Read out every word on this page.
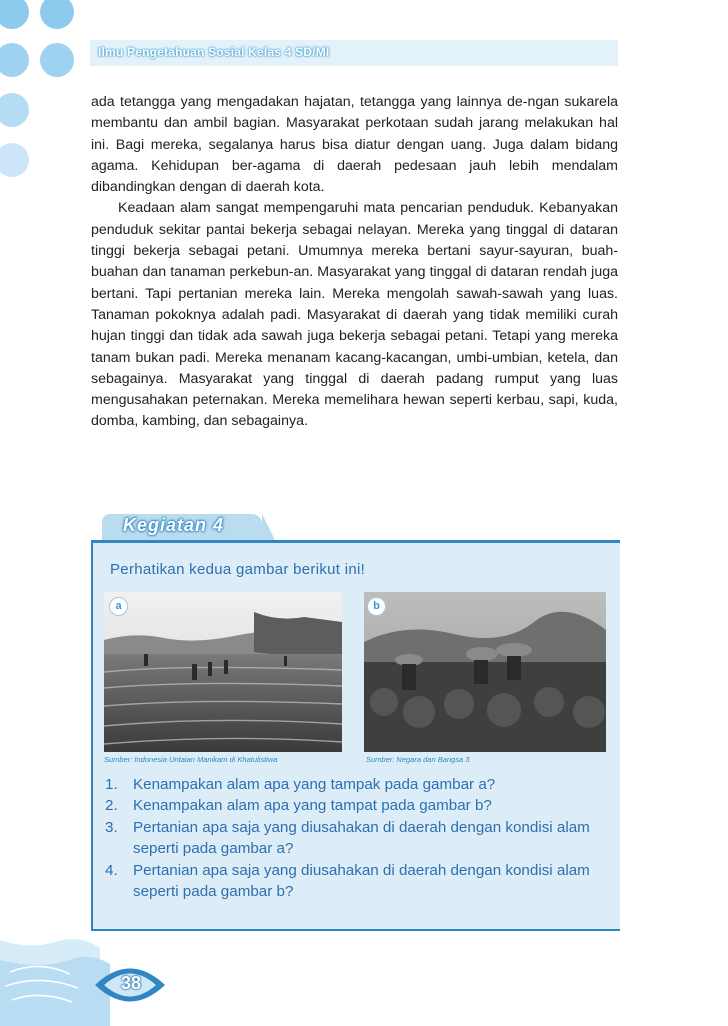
Ilmu Pengetahuan Sosial Kelas 4 SD/MI

ada tetangga yang mengadakan hajatan, tetangga yang lainnya de-ngan sukarela membantu dan ambil bagian. Masyarakat perkotaan sudah jarang melakukan hal ini. Bagi mereka, segalanya harus bisa diatur dengan uang. Juga dalam bidang agama. Kehidupan ber-agama di daerah pedesaan jauh lebih mendalam dibandingkan dengan di daerah kota.

Keadaan alam sangat mempengaruhi mata pencarian penduduk. Kebanyakan penduduk sekitar pantai bekerja sebagai nelayan. Mereka yang tinggal di dataran tinggi bekerja sebagai petani. Umumnya mereka bertani sayur-sayuran, buah-buahan dan tanaman perkebun-an. Masyarakat yang tinggal di dataran rendah juga bertani. Tapi pertanian mereka lain. Mereka mengolah sawah-sawah yang luas. Tanaman pokoknya adalah padi. Masyarakat di daerah yang tidak memiliki curah hujan tinggi dan tidak ada sawah juga bekerja sebagai petani. Tetapi yang mereka tanam bukan padi. Mereka menanam kacang-kacangan, umbi-umbian, ketela, dan sebagainya. Masyarakat yang tinggal di daerah padang rumput yang luas mengusahakan peternakan. Mereka memelihara hewan seperti kerbau, sapi, kuda, domba, kambing, dan sebagainya.

Kegiatan 4
Perhatikan kedua gambar berikut ini!
a
Sumber: Indonesia Untaian Manikam di Khatulistiwa
b
Sumber: Negara dan Bangsa 3
1. Kenampakan alam apa yang tampak pada gambar a?
2. Kenampakan alam apa yang tampat pada gambar b?
3. Pertanian apa saja yang diusahakan di daerah dengan kondisi alam seperti pada gambar a?
4. Pertanian apa saja yang diusahakan di daerah dengan kondisi alam seperti pada gambar b?
38
